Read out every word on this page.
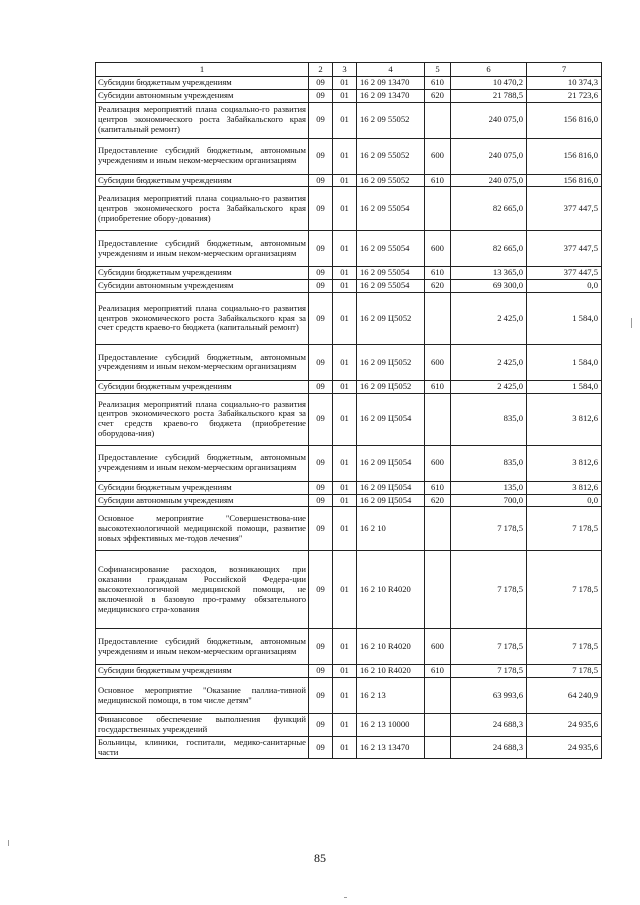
1	2	3	4	5	6	7
Субсидии бюджетным учреждениям	09	01	16 2 09 13470	610	10 470,2	10 374,3
Субсидии автономным учреждениям	09	01	16 2 09 13470	620	21 788,5	21 723,6
Реализация мероприятий плана социально-го развития центров экономического роста Забайкальского края (капитальный ремонт)	09	01	16 2 09 55052		240 075,0	156 816,0
Предоставление субсидий бюджетным, автономным учреждениям и иным неком-мерческим организациям	09	01	16 2 09 55052	600	240 075,0	156 816,0
Субсидии бюджетным учреждениям	09	01	16 2 09 55052	610	240 075,0	156 816,0
Реализация мероприятий плана социально-го развития центров экономического роста Забайкальского края (приобретение обору-дования)	09	01	16 2 09 55054		82 665,0	377 447,5
Предоставление субсидий бюджетным, автономным учреждениям и иным неком-мерческим организациям	09	01	16 2 09 55054	600	82 665,0	377 447,5
Субсидии бюджетным учреждениям	09	01	16 2 09 55054	610	13 365,0	377 447,5
Субсидии автономным учреждениям	09	01	16 2 09 55054	620	69 300,0	0,0
Реализация мероприятий плана социально-го развития центров экономического роста Забайкальского края за счет средств краево-го бюджета (капитальный ремонт)	09	01	16 2 09 Ц5052		2 425,0	1 584,0
Предоставление субсидий бюджетным, автономным учреждениям и иным неком-мерческим организациям	09	01	16 2 09 Ц5052	600	2 425,0	1 584,0
Субсидии бюджетным учреждениям	09	01	16 2 09 Ц5052	610	2 425,0	1 584,0
Реализация мероприятий плана социально-го развития центров экономического роста Забайкальского края за счет средств краево-го бюджета (приобретение оборудова-ния)	09	01	16 2 09 Ц5054		835,0	3 812,6
Предоставление субсидий бюджетным, автономным учреждениям и иным неком-мерческим организациям	09	01	16 2 09 Ц5054	600	835,0	3 812,6
Субсидии бюджетным учреждениям	09	01	16 2 09 Ц5054	610	135,0	3 812,6
Субсидии автономным учреждениям	09	01	16 2 09 Ц5054	620	700,0	0,0
Основное мероприятие "Совершенствова-ние высокотехнологичной медицинской помощи, развитие новых эффективных ме-тодов лечения"	09	01	16 2 10		7 178,5	7 178,5
Софинансирование расходов, возникающих при оказании гражданам Российской Федера-ции высокотехнологичной медицинской помощи, не включенной в базовую про-грамму обязательного медицинского стра-хования	09	01	16 2 10 R4020		7 178,5	7 178,5
Предоставление субсидий бюджетным, автономным учреждениям и иным неком-мерческим организациям	09	01	16 2 10 R4020	600	7 178,5	7 178,5
Субсидии бюджетным учреждениям	09	01	16 2 10 R4020	610	7 178,5	7 178,5
Основное мероприятие "Оказание паллиа-тивной медицинской помощи, в том числе детям"	09	01	16 2 13		63 993,6	64 240,9
Финансовое обеспечение выполнения функций государственных учреждений	09	01	16 2 13 10000		24 688,3	24 935,6
Больницы, клиники, госпитали, медико-санитарные части	09	01	16 2 13 13470		24 688,3	24 935,6
85
